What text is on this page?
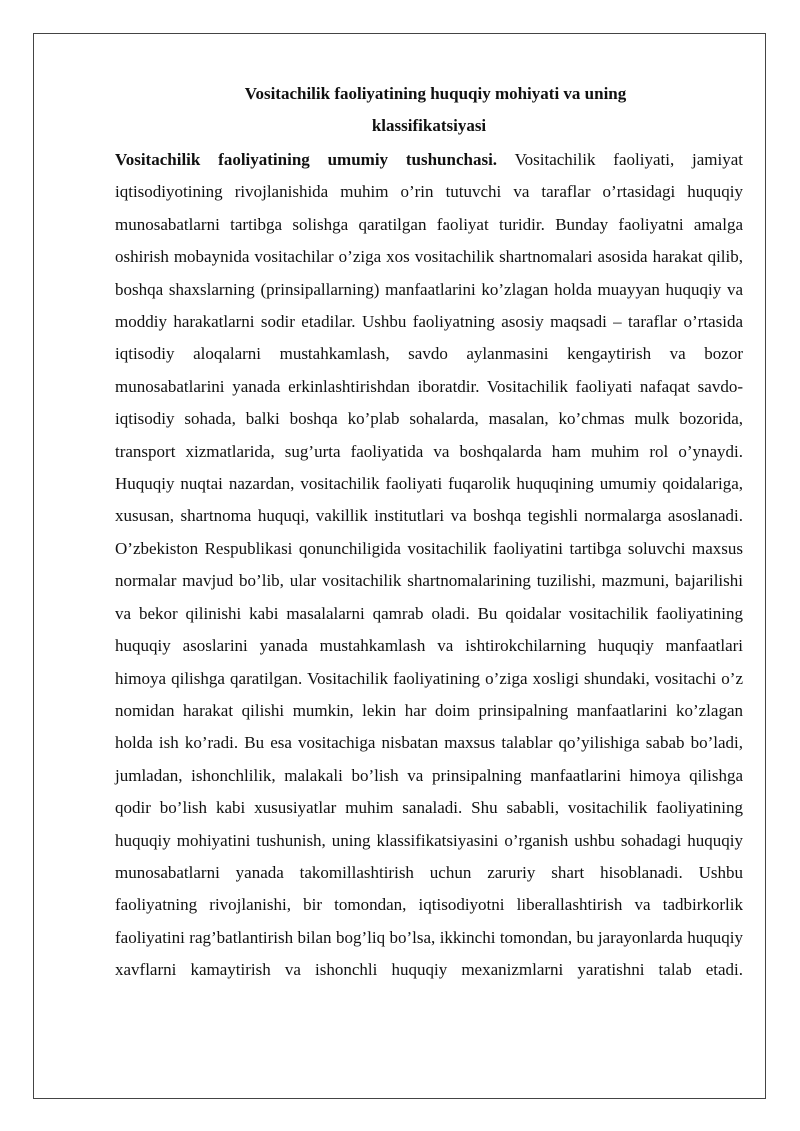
Vositachilik faoliyatining huquqiy mohiyati va uning
klassifikatsiyasi

Vositachilik faoliyatining umumiy tushunchasi. Vositachilik faoliyati, jamiyat iqtisodiyotining rivojlanishida muhim o’rin tutuvchi va taraflar o’rtasidagi huquqiy munosabatlarni tartibga solishga qaratilgan faoliyat turidir. Bunday faoliyatni amalga oshirish mobaynida vositachilar o’ziga xos vositachilik shartnomalari asosida harakat qilib, boshqa shaxslarning (prinsipallarning) manfaatlarini ko’zlagan holda muayyan huquqiy va moddiy harakatlarni sodir etadilar. Ushbu faoliyatning asosiy maqsadi – taraflar o’rtasida iqtisodiy aloqalarni mustahkamlash, savdo aylanmasini kengaytirish va bozor munosabatlarini yanada erkinlashtirishdan iboratdir. Vositachilik faoliyati nafaqat savdo-iqtisodiy sohada, balki boshqa ko’plab sohalarda, masalan, ko’chmas mulk bozorida, transport xizmatlarida, sug’urta faoliyatida va boshqalarda ham muhim rol o’ynaydi. Huquqiy nuqtai nazardan, vositachilik faoliyati fuqarolik huquqining umumiy qoidalariga, xususan, shartnoma huquqi, vakillik institutlari va boshqa tegishli normalarga asoslanadi. O’zbekiston Respublikasi qonunchiligida vositachilik faoliyatini tartibga soluvchi maxsus normalar mavjud bo’lib, ular vositachilik shartnomalarining tuzilishi, mazmuni, bajarilishi va bekor qilinishi kabi masalalarni qamrab oladi. Bu qoidalar vositachilik faoliyatining huquqiy asoslarini yanada mustahkamlash va ishtirokchilarning huquqiy manfaatlari himoya qilishga qaratilgan. Vositachilik faoliyatining o’ziga xosligi shundaki, vositachi o’z nomidan harakat qilishi mumkin, lekin har doim prinsipalning manfaatlarini ko’zlagan holda ish ko’radi. Bu esa vositachiga nisbatan maxsus talablar qo’yilishiga sabab bo’ladi, jumladan, ishonchlilik, malakali bo’lish va prinsipalning manfaatlarini himoya qilishga qodir bo’lish kabi xususiyatlar muhim sanaladi. Shu sababli, vositachilik faoliyatining huquqiy mohiyatini tushunish, uning klassifikatsiyasini o’rganish ushbu sohadagi huquqiy munosabatlarni yanada takomillashtirish uchun zaruriy shart hisoblanadi. Ushbu faoliyatning rivojlanishi, bir tomondan, iqtisodiyotni liberallashtirish va tadbirkorlik faoliyatini rag’batlantirish bilan bog’liq bo’lsa, ikkinchi tomondan, bu jarayonlarda huquqiy xavflarni kamaytirish va ishonchli huquqiy mexanizmlarni yaratishni talab etadi.
